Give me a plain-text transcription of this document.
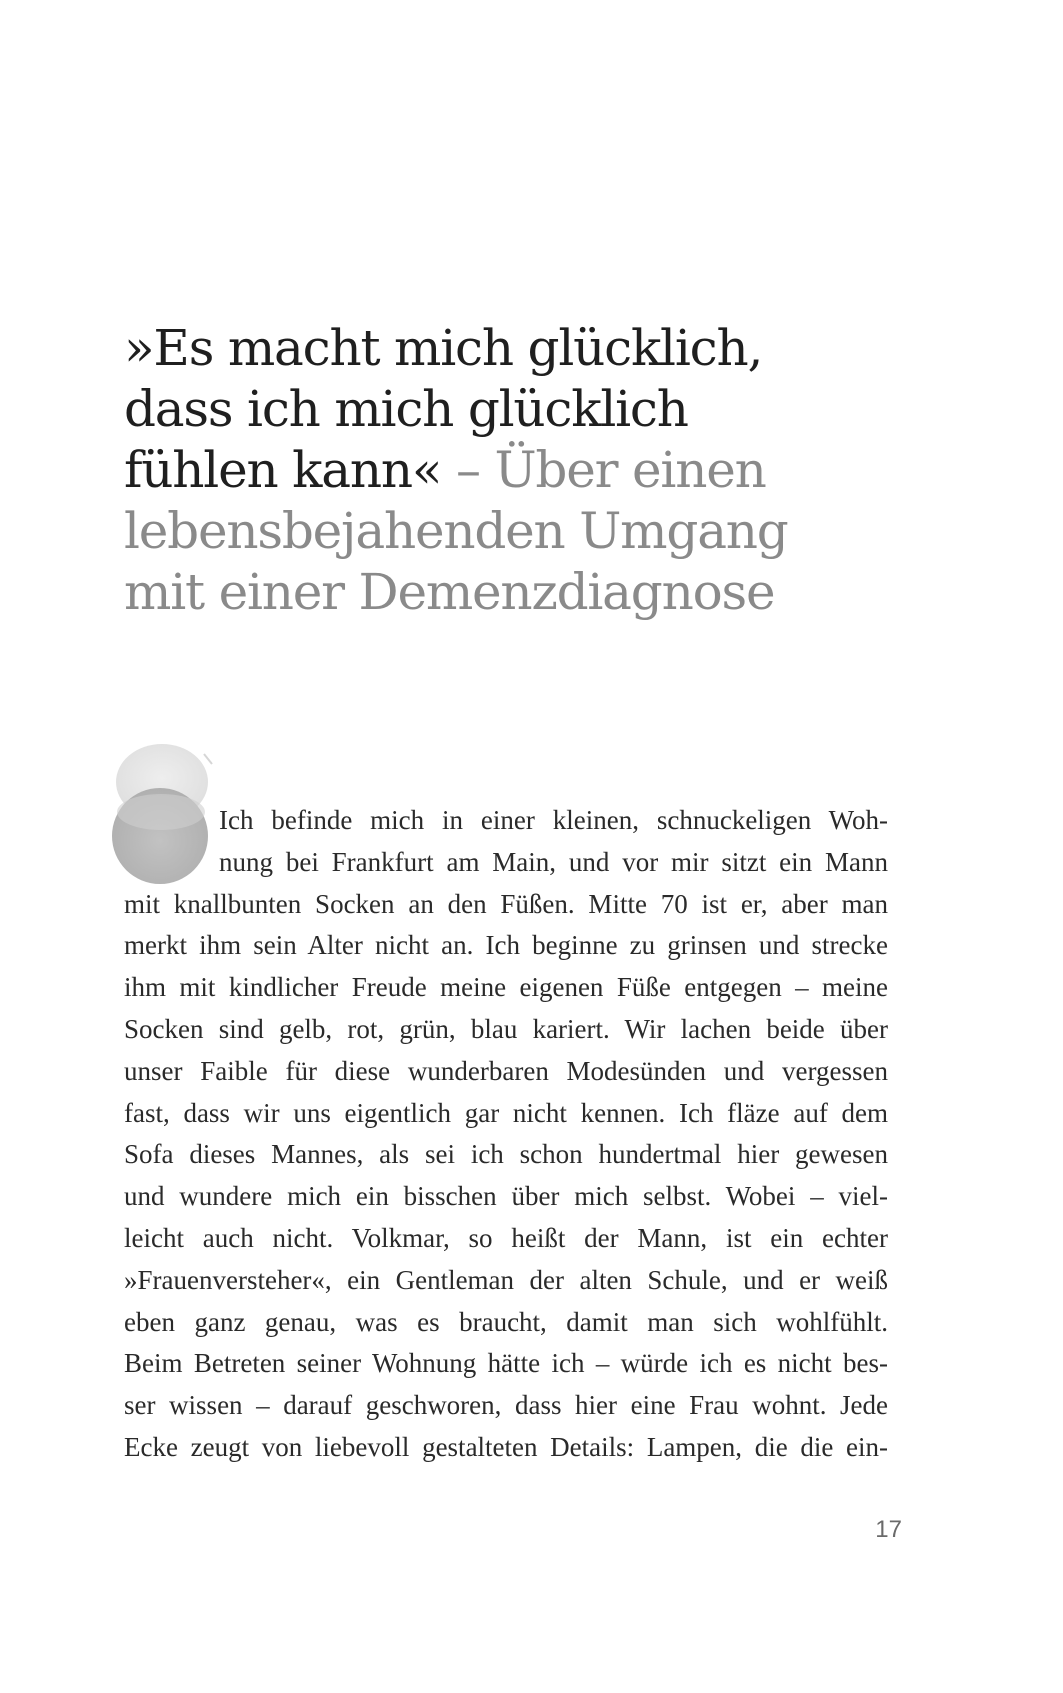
»Es macht mich glücklich, dass ich mich glücklich fühlen kann« – Über einen lebensbejahenden Umgang mit einer Demenzdiagnose
Ich befinde mich in einer kleinen, schnuckeligen Woh-
nung bei Frankfurt am Main, und vor mir sitzt ein Mann
mit knallbunten Socken an den Füßen. Mitte 70 ist er, aber man
merkt ihm sein Alter nicht an. Ich beginne zu grinsen und strecke
ihm mit kindlicher Freude meine eigenen Füße entgegen – meine
Socken sind gelb, rot, grün, blau kariert. Wir lachen beide über
unser Faible für diese wunderbaren Modesünden und vergessen
fast, dass wir uns eigentlich gar nicht kennen. Ich fläze auf dem
Sofa dieses Mannes, als sei ich schon hundertmal hier gewesen
und wundere mich ein bisschen über mich selbst. Wobei – viel-
leicht auch nicht. Volkmar, so heißt der Mann, ist ein echter
»Frauenversteher«, ein Gentleman der alten Schule, und er weiß
eben ganz genau, was es braucht, damit man sich wohlfühlt.
Beim Betreten seiner Wohnung hätte ich – würde ich es nicht bes-
ser wissen – darauf geschworen, dass hier eine Frau wohnt. Jede
Ecke zeugt von liebevoll gestalteten Details: Lampen, die die ein-
17
